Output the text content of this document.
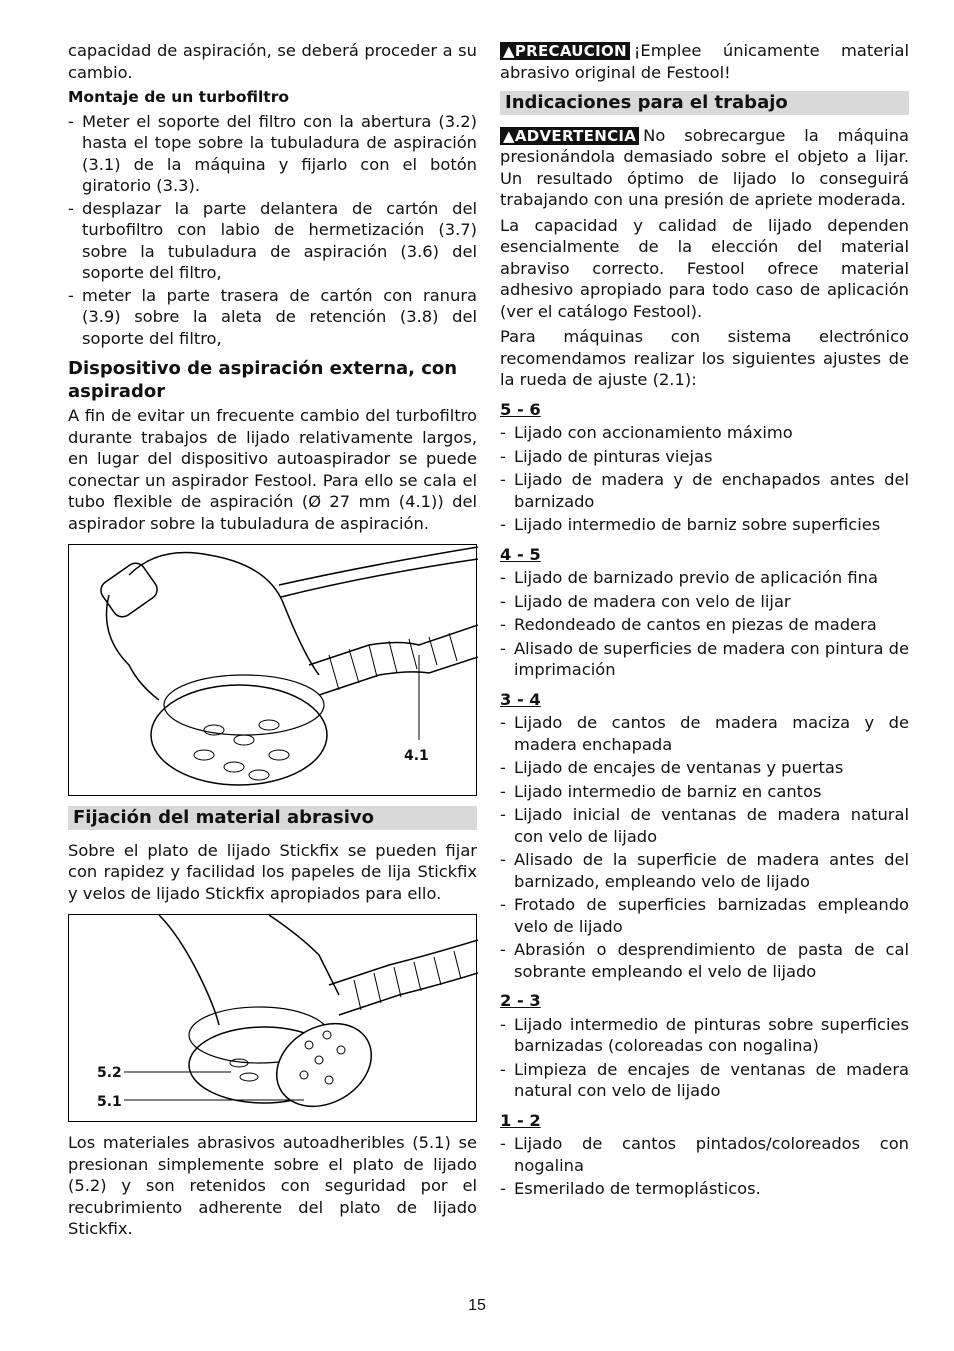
capacidad de aspiración, se deberá proceder a su cambio.

Montaje de un turbofiltro
- Meter el soporte del filtro con la abertura (3.2) hasta el tope sobre la tubuladura de aspiración (3.1) de la máquina y fijarlo con el botón giratorio (3.3).
- desplazar la parte delantera de cartón del turbofiltro con labio de hermetización (3.7) sobre la tubuladura de aspiración (3.6) del soporte del filtro,
- meter la parte trasera de cartón con ranura (3.9) sobre la aleta de retención (3.8) del soporte del filtro,
Dispositivo de aspiración externa, con aspirador

A fin de evitar un frecuente cambio del turbofiltro durante trabajos de lijado relativamente largos, en lugar del dispositivo autoaspirador se puede conectar un aspirador Festool. Para ello se cala el tubo flexible de aspiración (Ø 27 mm (4.1)) del aspirador sobre la tubuladura de aspiración.

4.1
Fijación del material abrasivo

Sobre el plato de lijado Stickfix se pueden fijar con rapidez y facilidad los papeles de lija Stickfix y velos de lijado Stickfix apropiados para ello.

5.2
5.1

Los materiales abrasivos autoadheribles (5.1) se presionan simplemente sobre el plato de lijado (5.2) y son retenidos con seguridad por el recubrimiento adherente del plato de lijado Stickfix.

▲PRECAUCION ¡Emplee únicamente material abrasivo original de Festool!

Indicaciones para el trabajo

▲ADVERTENCIA No sobrecargue la máquina presionándola demasiado sobre el objeto a lijar. Un resultado óptimo de lijado lo conseguirá trabajando con una presión de apriete moderada.

La capacidad y calidad de lijado dependen esencialmente de la elección del material abraviso correcto. Festool ofrece material adhesivo apropiado para todo caso de aplicación (ver el catálogo Festool).

Para máquinas con sistema electrónico recomendamos realizar los siguientes ajustes de la rueda de ajuste (2.1):

5 - 6
- Lijado con accionamiento máximo
- Lijado de pinturas viejas
- Lijado de madera y de enchapados antes del barnizado
- Lijado intermedio de barniz sobre superficies
4 - 5
- Lijado de barnizado previo de aplicación fina
- Lijado de madera con velo de lijar
- Redondeado de cantos en piezas de madera
- Alisado de superficies de madera con pintura de imprimación
3 - 4
- Lijado de cantos de madera maciza y de madera enchapada
- Lijado de encajes de ventanas y puertas
- Lijado intermedio de barniz en cantos
- Lijado inicial de ventanas de madera natural con velo de lijado
- Alisado de la superficie de madera antes del barnizado, empleando velo de lijado
- Frotado de superficies barnizadas empleando velo de lijado
- Abrasión o desprendimiento de pasta de cal sobrante empleando el velo de lijado
2 - 3
- Lijado intermedio de pinturas sobre superficies barnizadas (coloreadas con nogalina)
- Limpieza de encajes de ventanas de madera natural con velo de lijado
1 - 2
- Lijado de cantos pintados/coloreados con nogalina
- Esmerilado de termoplásticos.
15
